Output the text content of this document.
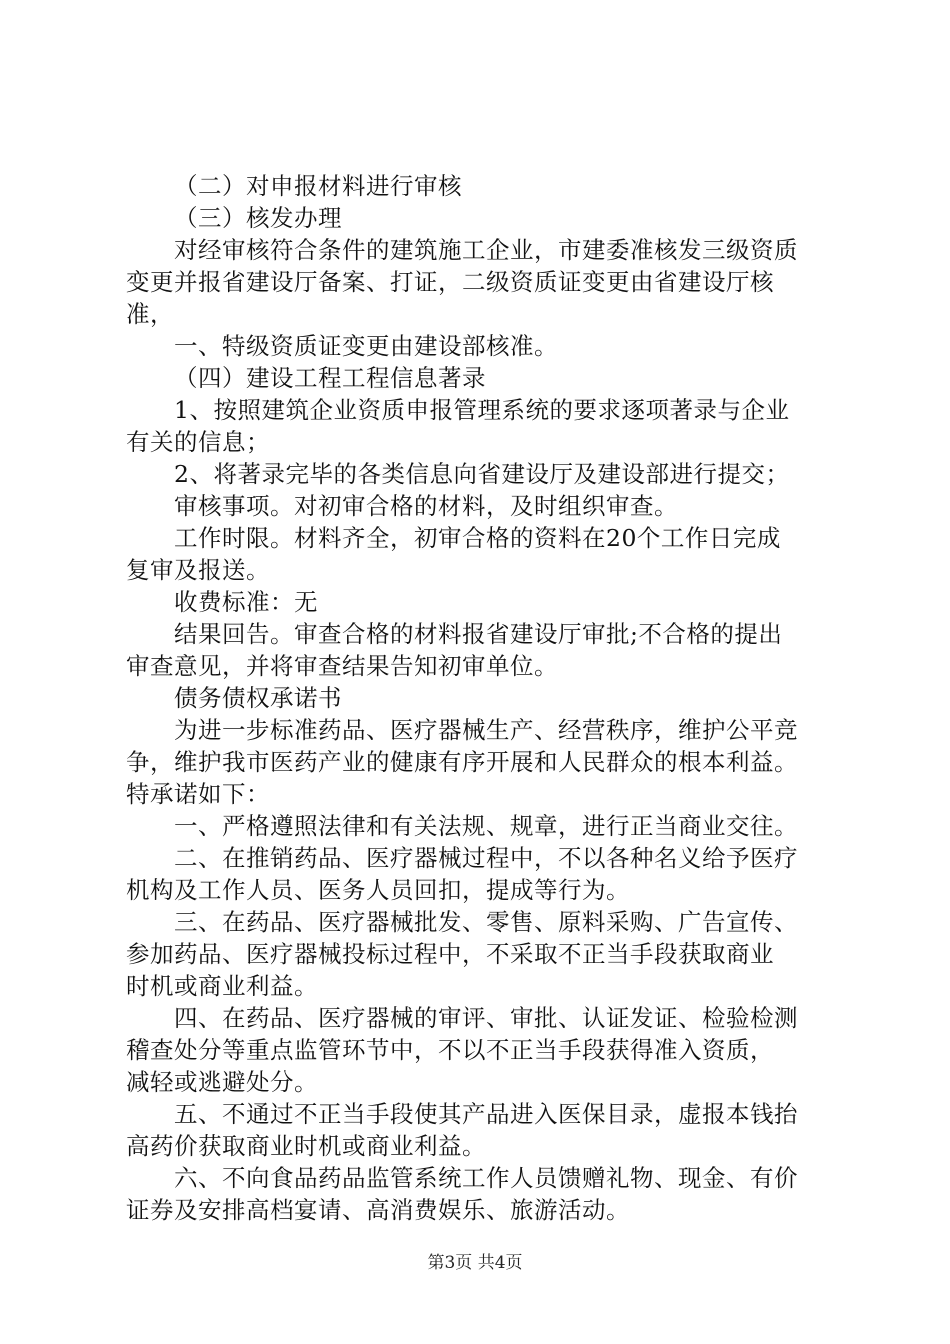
（二）对申报材料进行审核
（三）核发办理
对经审核符合条件的建筑施工企业，市建委准核发三级资质
变更并报省建设厅备案、打证，二级资质证变更由省建设厅核
准，
一、特级资质证变更由建设部核准。
（四）建设工程工程信息著录
1、按照建筑企业资质申报管理系统的要求逐项著录与企业
有关的信息；
2、将著录完毕的各类信息向省建设厅及建设部进行提交；
审核事项。对初审合格的材料，及时组织审查。
工作时限。材料齐全，初审合格的资料在20个工作日完成
复审及报送。
收费标准：无
结果回告。审查合格的材料报省建设厅审批;不合格的提出
审查意见，并将审查结果告知初审单位。
债务债权承诺书
为进一步标准药品、医疗器械生产、经营秩序，维护公平竞
争，维护我市医药产业的健康有序开展和人民群众的根本利益。
特承诺如下：
一、严格遵照法律和有关法规、规章，进行正当商业交往。
二、在推销药品、医疗器械过程中，不以各种名义给予医疗
机构及工作人员、医务人员回扣，提成等行为。
三、在药品、医疗器械批发、零售、原料采购、广告宣传、
参加药品、医疗器械投标过程中，不采取不正当手段获取商业
时机或商业利益。
四、在药品、医疗器械的审评、审批、认证发证、检验检测
稽查处分等重点监管环节中，不以不正当手段获得准入资质，
减轻或逃避处分。
五、不通过不正当手段使其产品进入医保目录，虚报本钱抬
高药价获取商业时机或商业利益。
六、不向食品药品监管系统工作人员馈赠礼物、现金、有价
证券及安排高档宴请、高消费娱乐、旅游活动。
第3页 共4页
